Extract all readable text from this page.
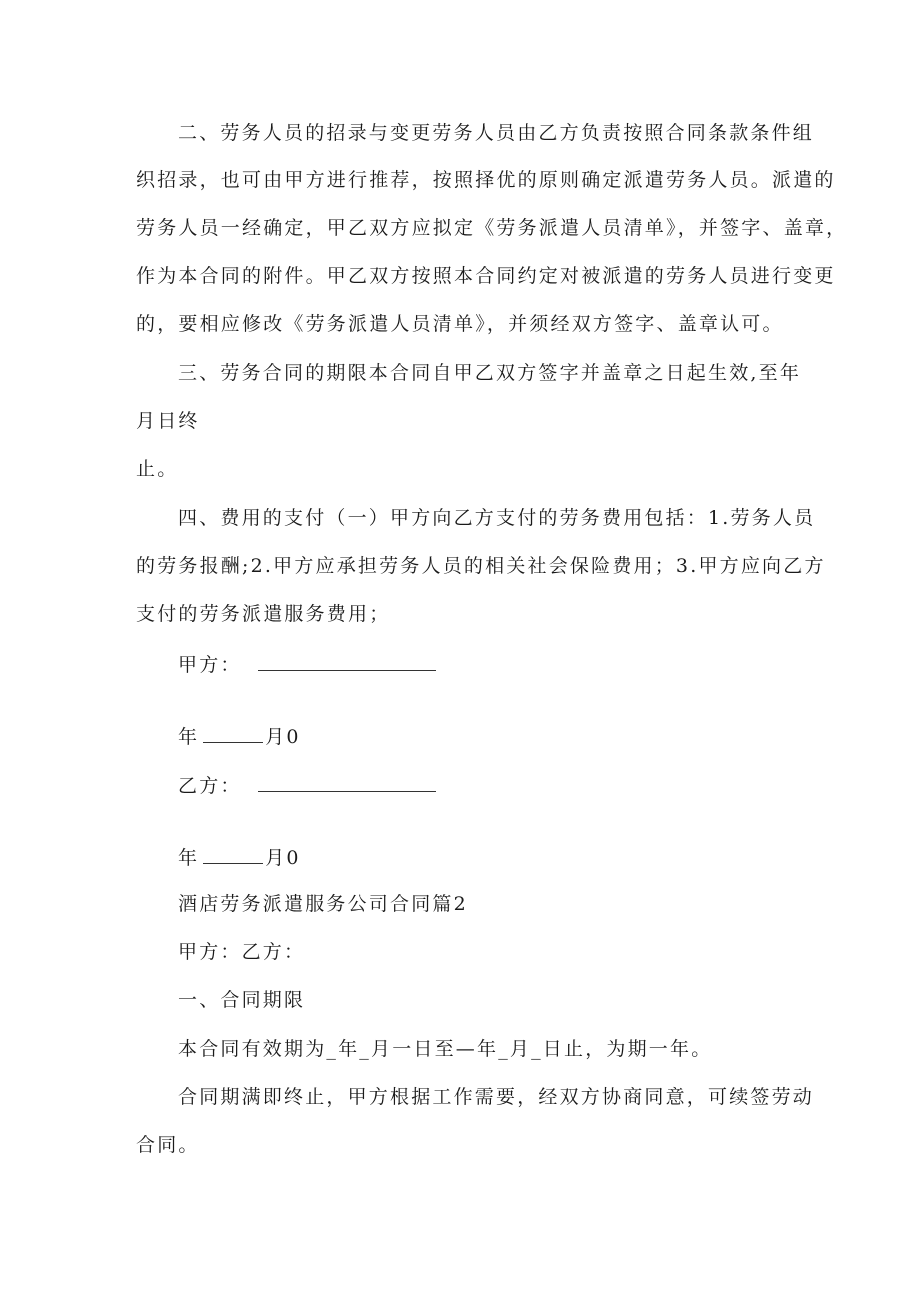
二、劳务人员的招录与变更劳务人员由乙方负责按照合同条款条件组
织招录，也可由甲方进行推荐，按照择优的原则确定派遣劳务人员。派遣的
劳务人员一经确定，甲乙双方应拟定《劳务派遣人员清单》，并签字、盖章，
作为本合同的附件。甲乙双方按照本合同约定对被派遣的劳务人员进行变更
的，要相应修改《劳务派遣人员清单》，并须经双方签字、盖章认可。
三、劳务合同的期限本合同自甲乙双方签字并盖章之日起生效,至年
月日终
止。
四、费用的支付（一）甲方向乙方支付的劳务费用包括：1.劳务人员
的劳务报酬;2.甲方应承担劳务人员的相关社会保险费用；3.甲方应向乙方
支付的劳务派遣服务费用；
甲方：
年	月0
乙方：
年	月0
酒店劳务派遣服务公司合同篇2
甲方：乙方：
一、合同期限
本合同有效期为_年_月一日至—年_月_日止，为期一年。
合同期满即终止，甲方根据工作需要，经双方协商同意，可续签劳动
合同。
